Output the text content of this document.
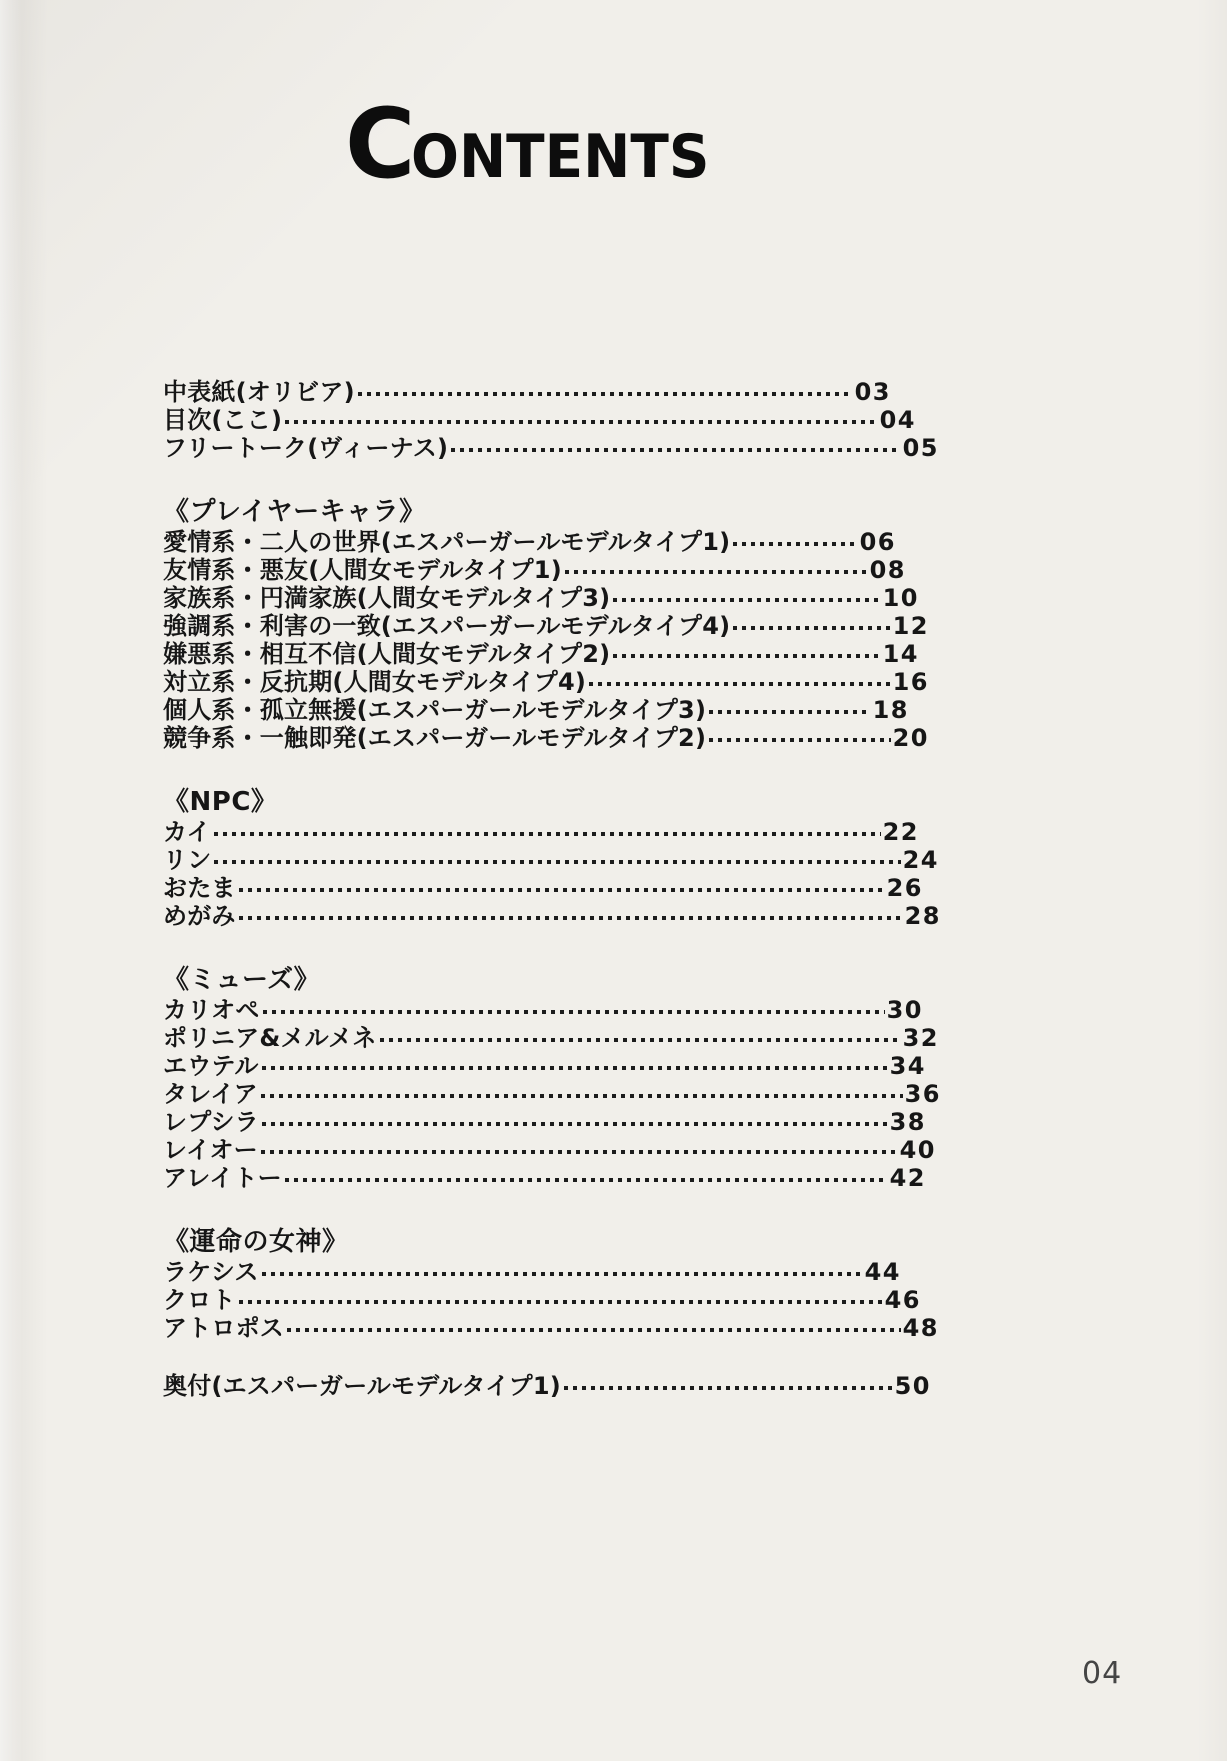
CONTENTS
中表紙(オリビア)	03
目次(ここ)	04
フリートーク(ヴィーナス)	05
《プレイヤーキャラ》
愛情系・二人の世界(エスパーガールモデルタイプ1)	06
友情系・悪友(人間女モデルタイプ1)	08
家族系・円満家族(人間女モデルタイプ3)	10
強調系・利害の一致(エスパーガールモデルタイプ4)	12
嫌悪系・相互不信(人間女モデルタイプ2)	14
対立系・反抗期(人間女モデルタイプ4)	16
個人系・孤立無援(エスパーガールモデルタイプ3)	18
競争系・一触即発(エスパーガールモデルタイプ2)	20
《NPC》
カイ	22
リン	24
おたま	26
めがみ	28
《ミューズ》
カリオペ	30
ポリニア&メルメネ	32
エウテル	34
タレイア	36
レプシラ	38
レイオー	40
アレイトー	42
《運命の女神》
ラケシス	44
クロト	46
アトロポス	48
奥付(エスパーガールモデルタイプ1)	50
04
